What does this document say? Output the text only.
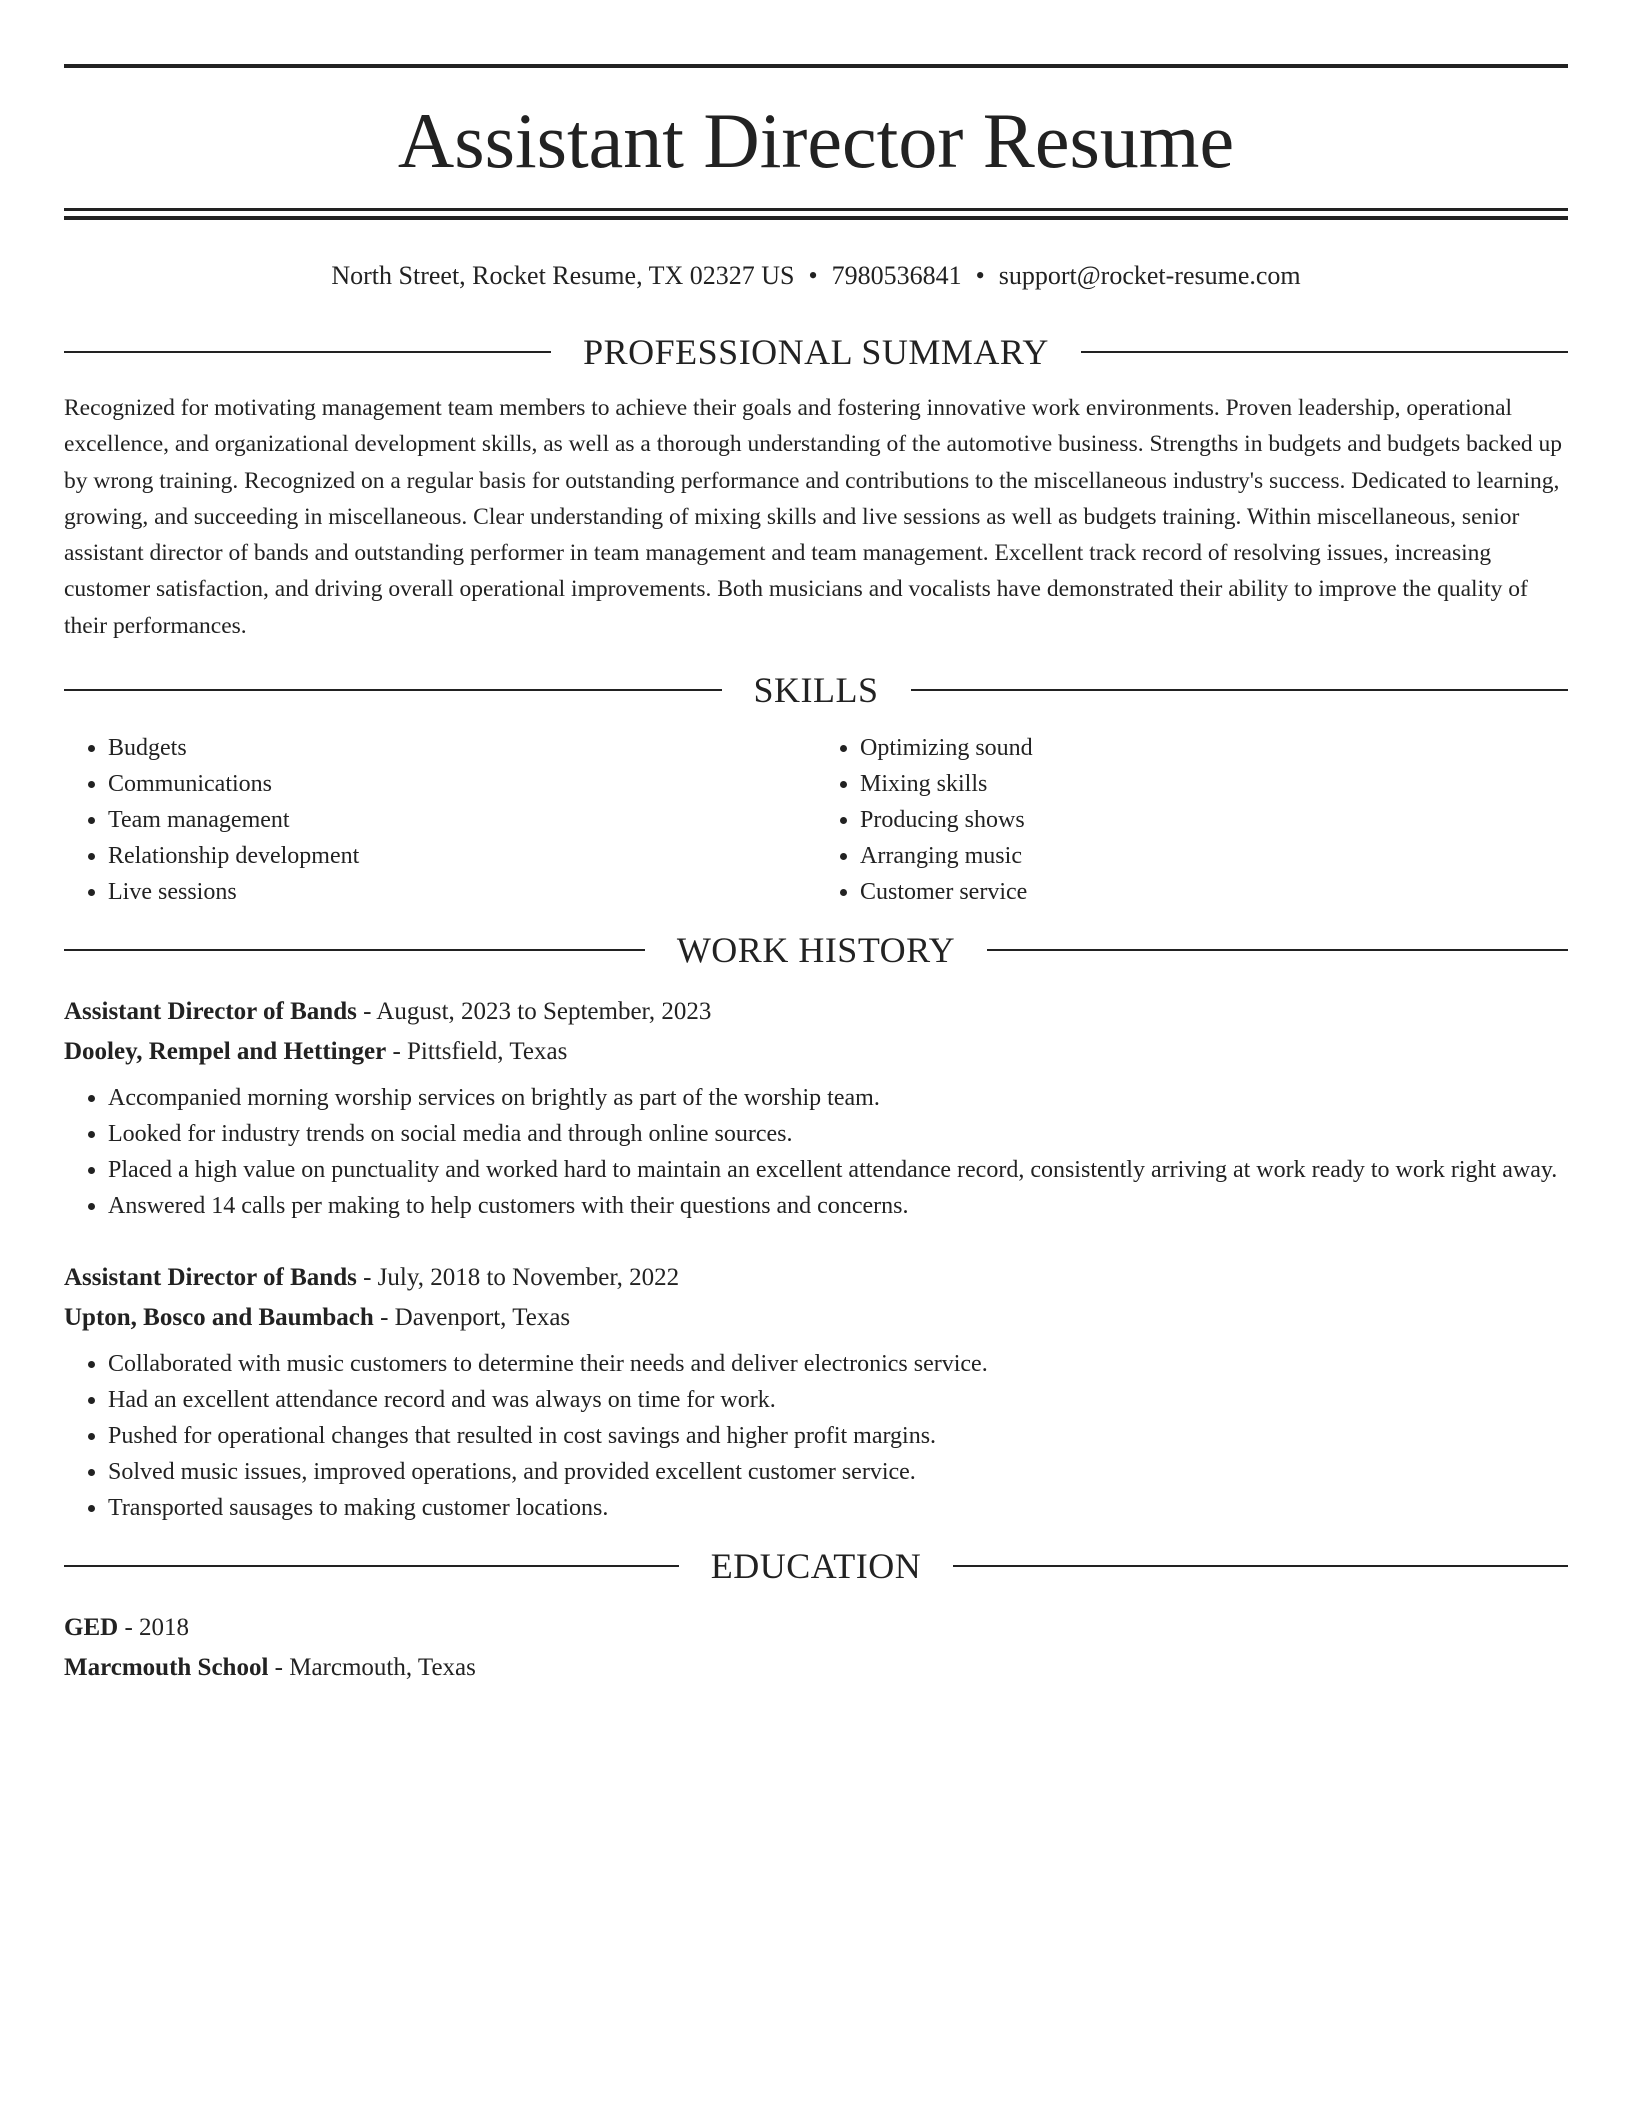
Assistant Director Resume
North Street, Rocket Resume, TX 02327 US • 7980536841 • support@rocket-resume.com
PROFESSIONAL SUMMARY
Recognized for motivating management team members to achieve their goals and fostering innovative work environments. Proven leadership, operational excellence, and organizational development skills, as well as a thorough understanding of the automotive business. Strengths in budgets and budgets backed up by wrong training. Recognized on a regular basis for outstanding performance and contributions to the miscellaneous industry's success. Dedicated to learning, growing, and succeeding in miscellaneous. Clear understanding of mixing skills and live sessions as well as budgets training. Within miscellaneous, senior assistant director of bands and outstanding performer in team management and team management. Excellent track record of resolving issues, increasing customer satisfaction, and driving overall operational improvements. Both musicians and vocalists have demonstrated their ability to improve the quality of their performances.
SKILLS
• Budgets
• Communications
• Team management
• Relationship development
• Live sessions
• Optimizing sound
• Mixing skills
• Producing shows
• Arranging music
• Customer service
WORK HISTORY
Assistant Director of Bands - August, 2023 to September, 2023
Dooley, Rempel and Hettinger - Pittsfield, Texas
• Accompanied morning worship services on brightly as part of the worship team.
• Looked for industry trends on social media and through online sources.
• Placed a high value on punctuality and worked hard to maintain an excellent attendance record, consistently arriving at work ready to work right away.
• Answered 14 calls per making to help customers with their questions and concerns.
Assistant Director of Bands - July, 2018 to November, 2022
Upton, Bosco and Baumbach - Davenport, Texas
• Collaborated with music customers to determine their needs and deliver electronics service.
• Had an excellent attendance record and was always on time for work.
• Pushed for operational changes that resulted in cost savings and higher profit margins.
• Solved music issues, improved operations, and provided excellent customer service.
• Transported sausages to making customer locations.
EDUCATION
GED - 2018
Marcmouth School - Marcmouth, Texas
